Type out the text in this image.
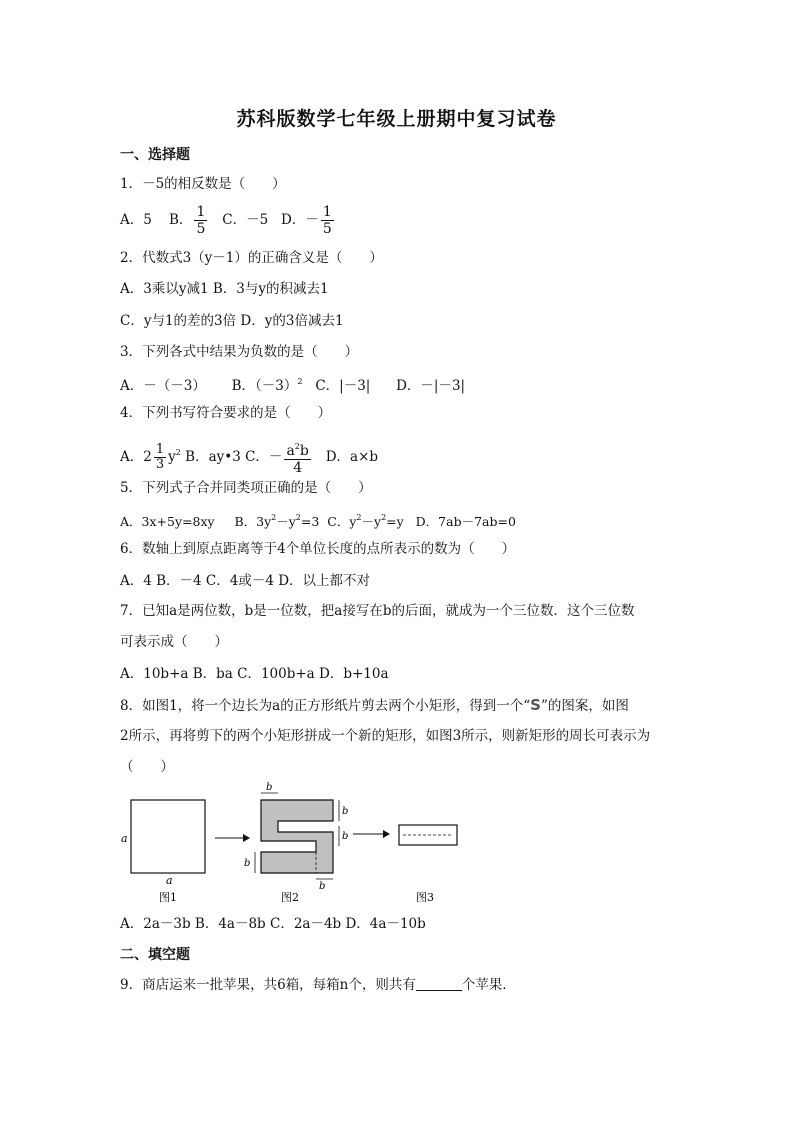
苏科版数学七年级上册期中复习试卷
一、选择题
1．－5的相反数是（　　）
A．5 B． $\frac{1}{5}$ C．－5 D．－ $\frac{1}{5}$
2．代数式3（y－1）的正确含义是（　　）
A．3乘以y减1 B．3与y的积减去1
C．y与1的差的3倍 D．y的3倍减去1
3．下列各式中结果为负数的是（　　）
A．－（－3） B．$(-3)^2$ C．|－3| D．－|－3|
4．下列书写符合要求的是（　　）
A．$2 \frac{1}{3} y^2$ B．ay•3 C．－ $\frac{a^2b}{4}$ D．a×b
5．下列式子合并同类项正确的是（　　）
A．3x+5y=8xy B．$3y^2-y^2=3$ C．$y^2-y^2=y$ D．7ab－7ab=0
6．数轴上到原点距离等于4个单位长度的点所表示的数为（　　）
A．4 B．－4 C．4或－4 D．以上都不对
7．已知a是两位数，b是一位数，把a接写在b的后面，就成为一个三位数．这个三位数
可表示成（　　）
A．10b+a B．ba C．100b+a D．b+10a
8．如图1，将一个边长为a的正方形纸片剪去两个小矩形，得到一个“S”的图案，如图
2所示，再将剪下的两个小矩形拼成一个新的矩形，如图3所示，则新矩形的周长可表示为
（　　）
a
a
图1
b
b
b
b
b
图2	图3
A．2a－3b B．4a－8b C．2a－4b D．4a－10b
二、填空题
9．商店运来一批苹果，共6箱，每箱n个，则共有	个苹果．
